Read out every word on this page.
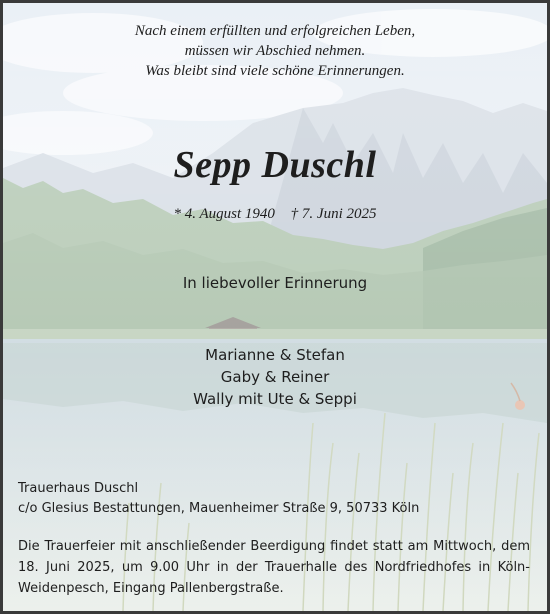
Nach einem erfüllten und erfolgreichen Leben,
müssen wir Abschied nehmen.
Was bleibt sind viele schöne Erinnerungen.
Sepp Duschl
* 4. August 1940 † 7. Juni 2025
In liebevoller Erinnerung
Marianne & Stefan
Gaby & Reiner
Wally mit Ute & Seppi
Trauerhaus Duschl
c/o Glesius Bestattungen, Mauenheimer Straße 9, 50733 Köln
Die Trauerfeier mit anschließender Beerdigung findet statt am Mittwoch, dem 18. Juni 2025, um 9.00 Uhr in der Trauerhalle des Nordfriedhofes in Köln-Weidenpesch, Eingang Pallenbergstraße.
